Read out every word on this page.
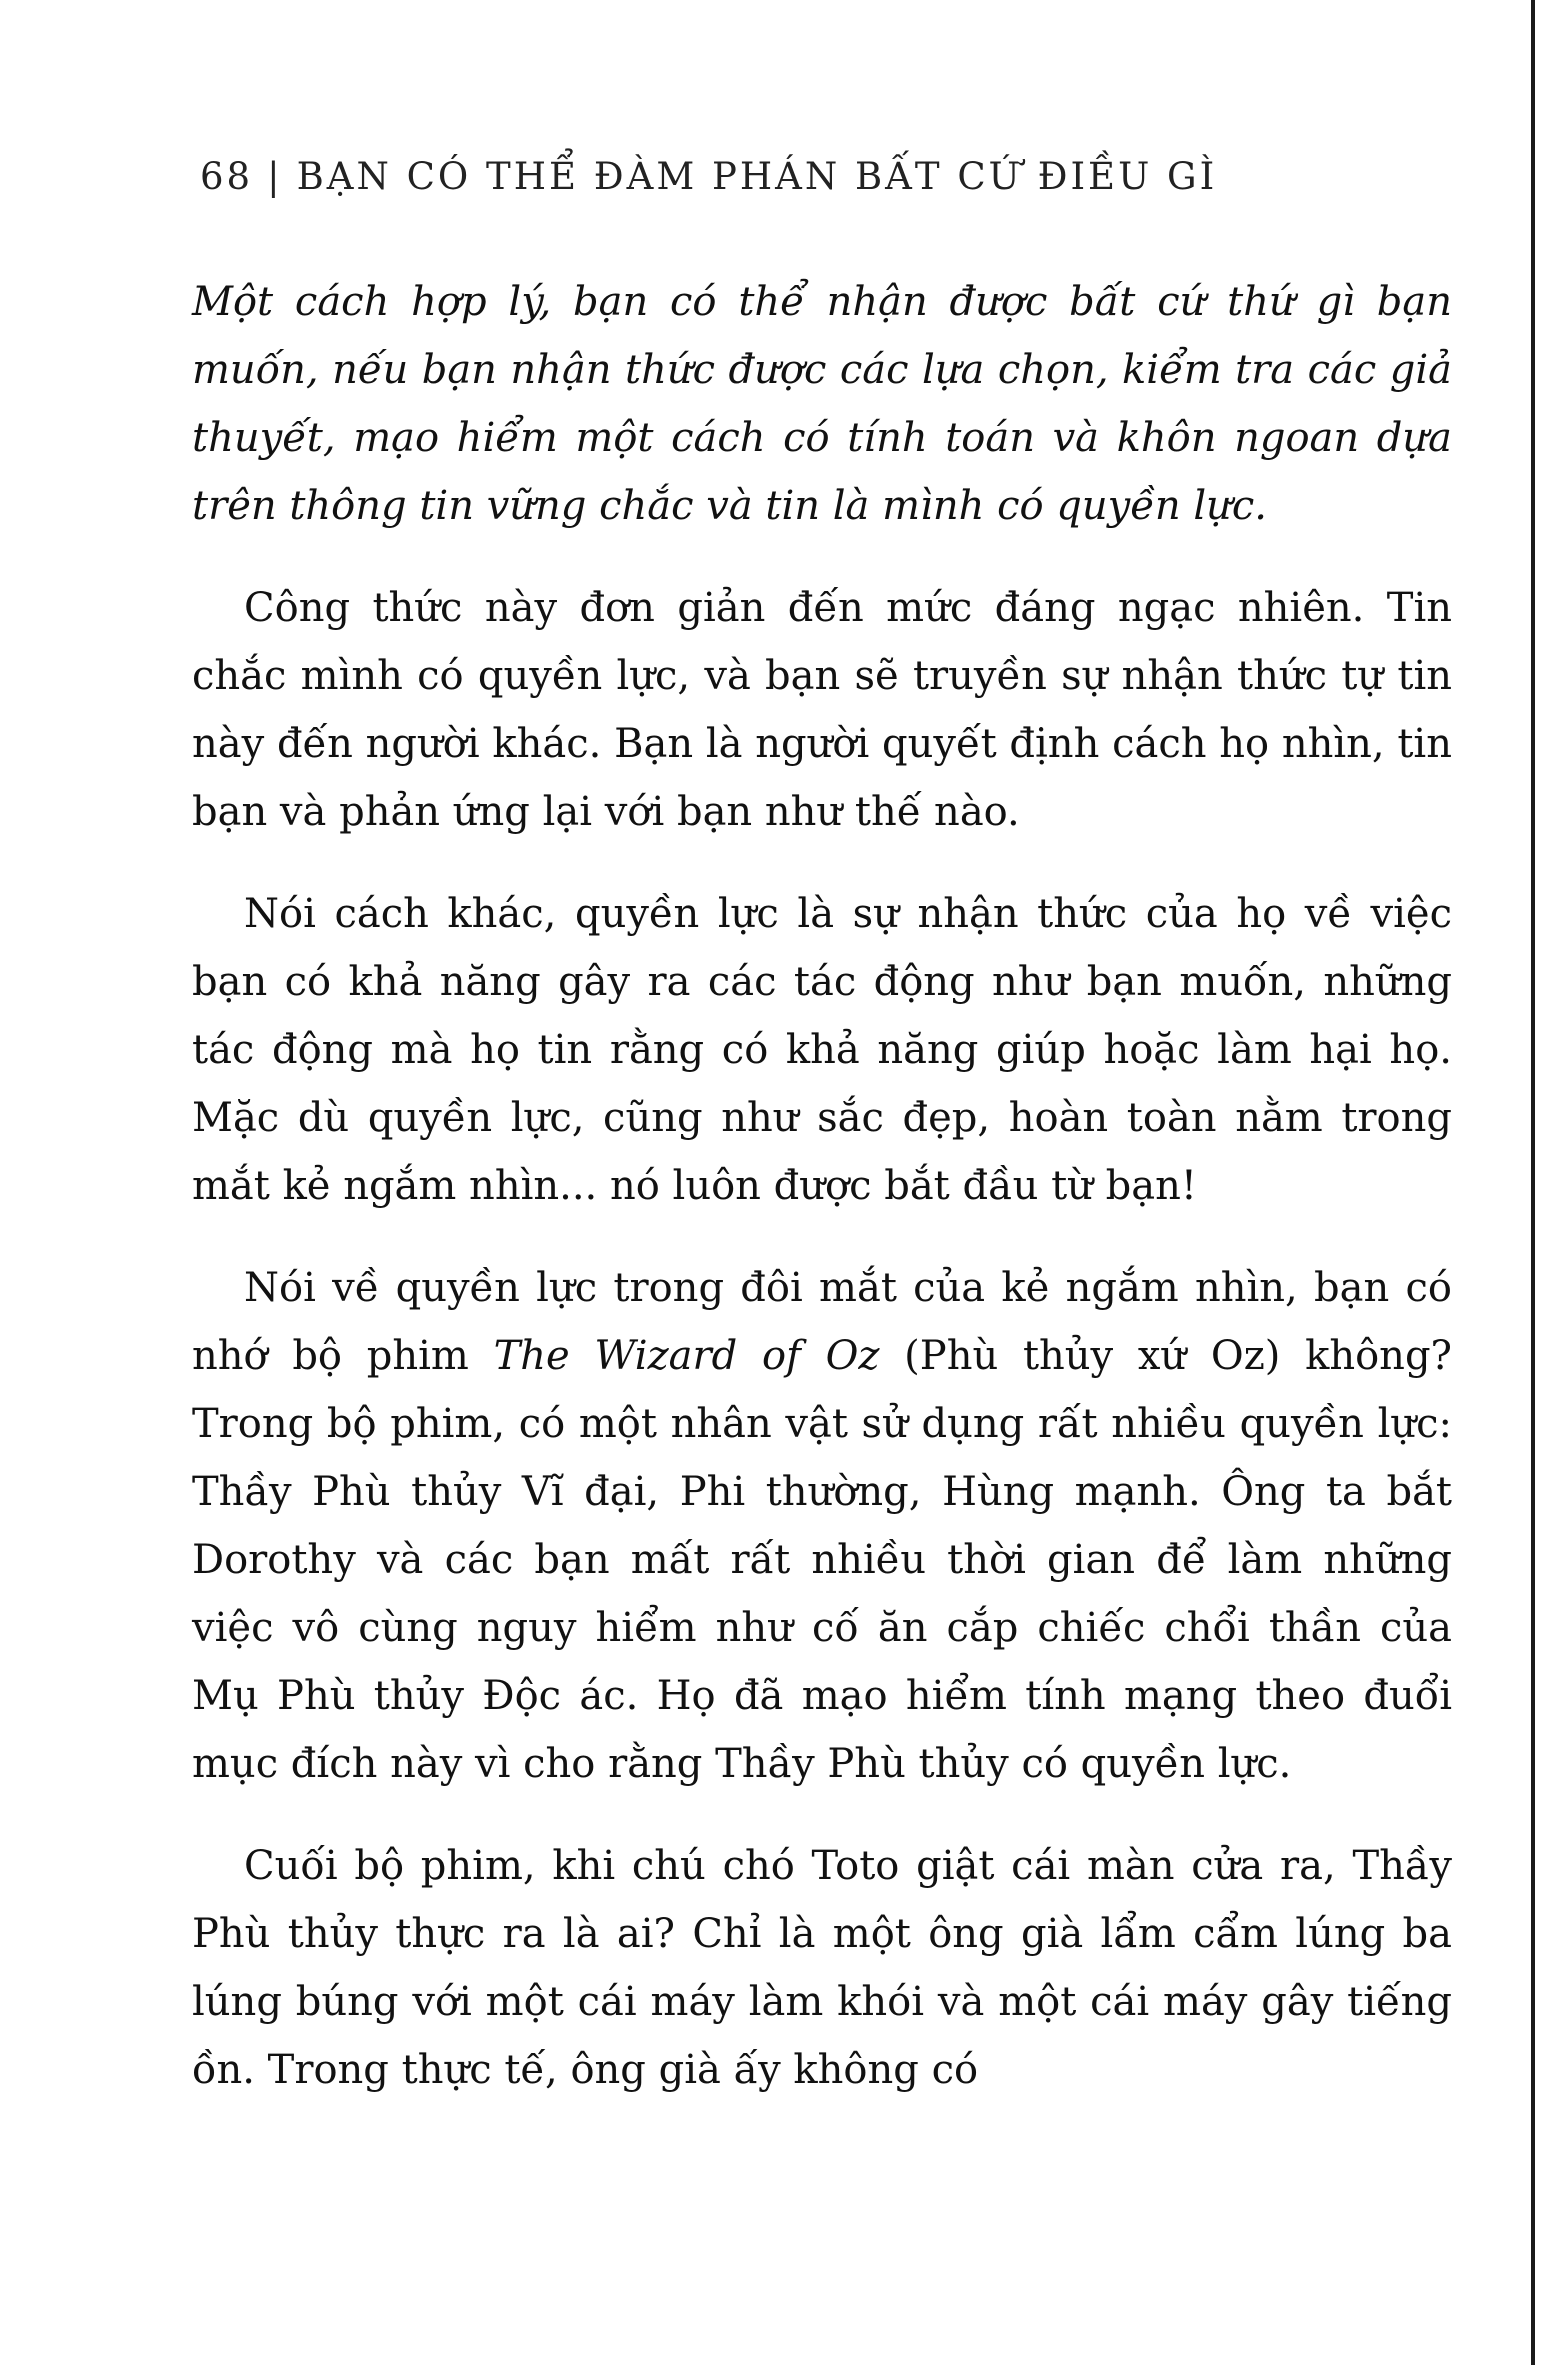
68 | BẠN CÓ THỂ ĐÀM PHÁN BẤT CỨ ĐIỀU GÌ

Một cách hợp lý, bạn có thể nhận được bất cứ thứ gì bạn muốn, nếu bạn nhận thức được các lựa chọn, kiểm tra các giả thuyết, mạo hiểm một cách có tính toán và khôn ngoan dựa trên thông tin vững chắc và tin là mình có quyền lực.

Công thức này đơn giản đến mức đáng ngạc nhiên. Tin chắc mình có quyền lực, và bạn sẽ truyền sự nhận thức tự tin này đến người khác. Bạn là người quyết định cách họ nhìn, tin bạn và phản ứng lại với bạn như thế nào.

Nói cách khác, quyền lực là sự nhận thức của họ về việc bạn có khả năng gây ra các tác động như bạn muốn, những tác động mà họ tin rằng có khả năng giúp hoặc làm hại họ. Mặc dù quyền lực, cũng như sắc đẹp, hoàn toàn nằm trong mắt kẻ ngắm nhìn... nó luôn được bắt đầu từ bạn!

Nói về quyền lực trong đôi mắt của kẻ ngắm nhìn, bạn có nhớ bộ phim The Wizard of Oz (Phù thủy xứ Oz) không? Trong bộ phim, có một nhân vật sử dụng rất nhiều quyền lực: Thầy Phù thủy Vĩ đại, Phi thường, Hùng mạnh. Ông ta bắt Dorothy và các bạn mất rất nhiều thời gian để làm những việc vô cùng nguy hiểm như cố ăn cắp chiếc chổi thần của Mụ Phù thủy Độc ác. Họ đã mạo hiểm tính mạng theo đuổi mục đích này vì cho rằng Thầy Phù thủy có quyền lực.

Cuối bộ phim, khi chú chó Toto giật cái màn cửa ra, Thầy Phù thủy thực ra là ai? Chỉ là một ông già lẩm cẩm lúng ba lúng búng với một cái máy làm khói và một cái máy gây tiếng ồn. Trong thực tế, ông già ấy không có
